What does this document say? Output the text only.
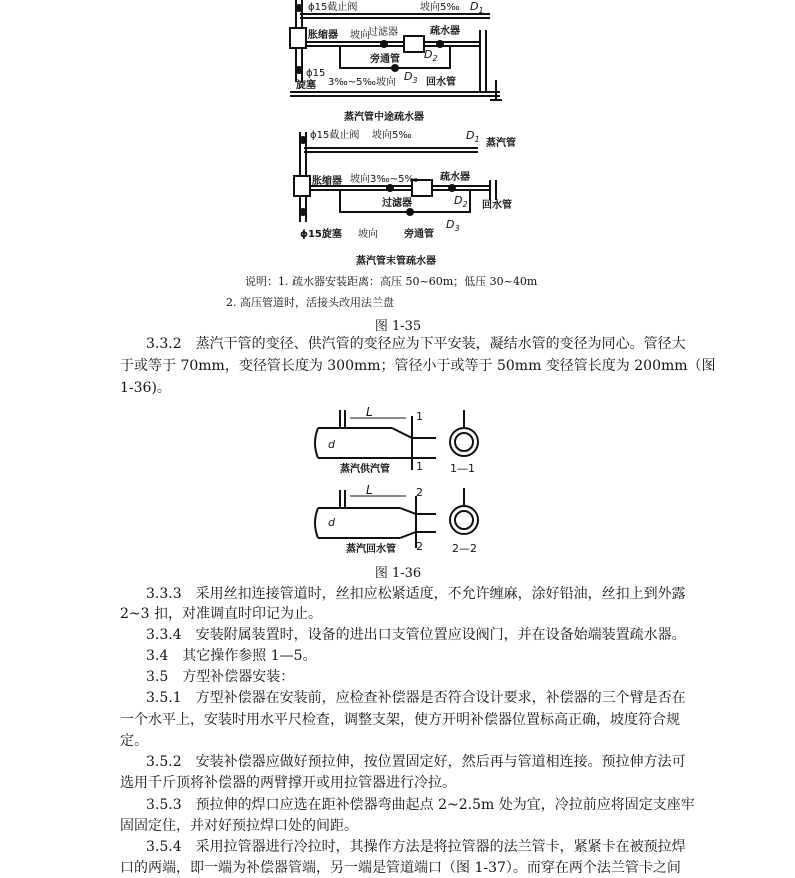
ϕ15截止阀	坡向5‰ $D_1$
胀缩器 坡向
过滤器	疏水器
$D_2$
旁通管
ϕ15
旋塞 3‰~5‰ 坡向 $D_3$ 回水管
蒸汽管中途疏水器
ϕ15截止阀 坡向5‰	$D_1$ 蒸汽管
胀缩器 坡向3‰~5‰ 疏水器
$D_2$ 回水管
过滤器
$D_3$
ϕ15旋塞 坡向	旁通管
蒸汽管末管疏水器
说明：1. 疏水器安装距离：高压 50~60m；低压 30~40m
2. 高压管道时，活接头改用法兰盘
图 1-35
3.3.2　蒸汽干管的变径、供汽管的变径应为下平安装，凝结水管的变径为同心。管径大
于或等于 70mm，变径管长度为 300mm；管径小于或等于 50mm 变径管长度为 200mm（图
1-36)。
L
d
1
1
L
d
2
2
蒸汽供汽管	1—1
蒸汽回水管	2—2
图 1-36
3.3.3　采用丝扣连接管道时，丝扣应松紧适度，不允许缠麻，涂好铅油，丝扣上到外露
2~3 扣，对准调直时印记为止。
3.3.4　安装附属装置时，设备的进出口支管位置应设阀门，并在设备始端装置疏水器。
3.4　其它操作参照 1—5。
3.5　方型补偿器安装：
3.5.1　方型补偿器在安装前，应检查补偿器是否符合设计要求，补偿器的三个臂是否在
一个水平上，安装时用水平尺检查，调整支架，使方开明补偿器位置标高正确，坡度符合规
定。
3.5.2　安装补偿器应做好预拉伸，按位置固定好，然后再与管道相连接。预拉伸方法可
选用千斤顶将补偿器的两臂撑开或用拉管器进行冷拉。
3.5.3　预拉伸的焊口应选在距补偿器弯曲起点 2~2.5m 处为宜，冷拉前应将固定支座牢
固固定住，并对好预拉焊口处的间距。
3.5.4　采用拉管器进行冷拉时，其操作方法是将拉管器的法兰管卡，紧紧卡在被预拉焊
口的两端，即一端为补偿器管端，另一端是管道端口（图 1-37）。而穿在两个法兰管卡之间
